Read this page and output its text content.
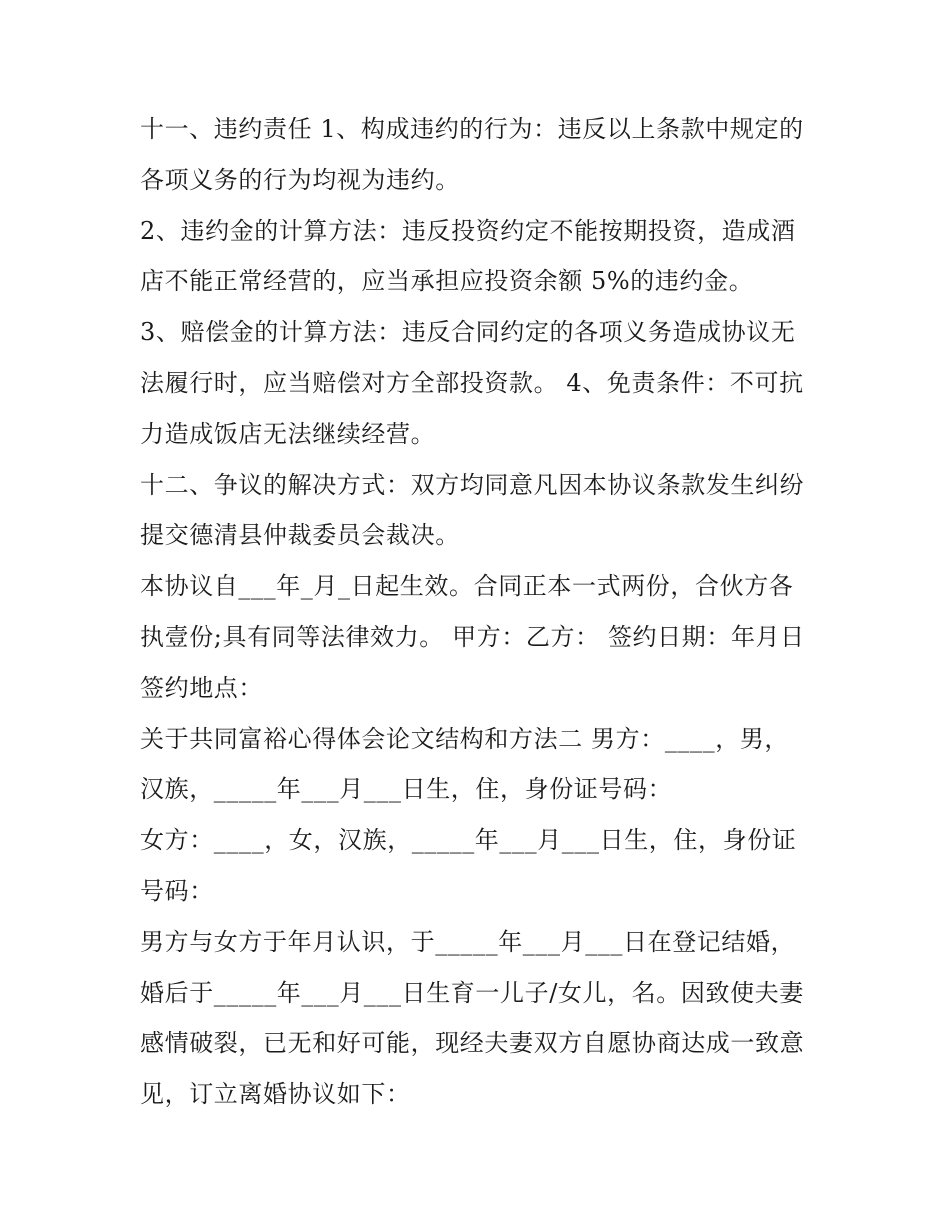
十一、违约责任 1、构成违约的行为：违反以上条款中规定的
各项义务的行为均视为违约。
2、违约金的计算方法：违反投资约定不能按期投资，造成酒
店不能正常经营的，应当承担应投资余额 5%的违约金。
3、赔偿金的计算方法：违反合同约定的各项义务造成协议无
法履行时，应当赔偿对方全部投资款。 4、免责条件：不可抗
力造成饭店无法继续经营。
十二、争议的解决方式：双方均同意凡因本协议条款发生纠纷
提交德清县仲裁委员会裁决。
本协议自___年_月_日起生效。合同正本一式两份，合伙方各
执壹份;具有同等法律效力。 甲方：乙方： 签约日期：年月日
签约地点：
关于共同富裕心得体会论文结构和方法二 男方：____，男，
汉族，_____年___月___日生，住，身份证号码：
女方：____，女，汉族，_____年___月___日生，住，身份证
号码：
男方与女方于年月认识，于_____年___月___日在登记结婚，
婚后于_____年___月___日生育一儿子/女儿，名。因致使夫妻
感情破裂，已无和好可能，现经夫妻双方自愿协商达成一致意
见，订立离婚协议如下：
